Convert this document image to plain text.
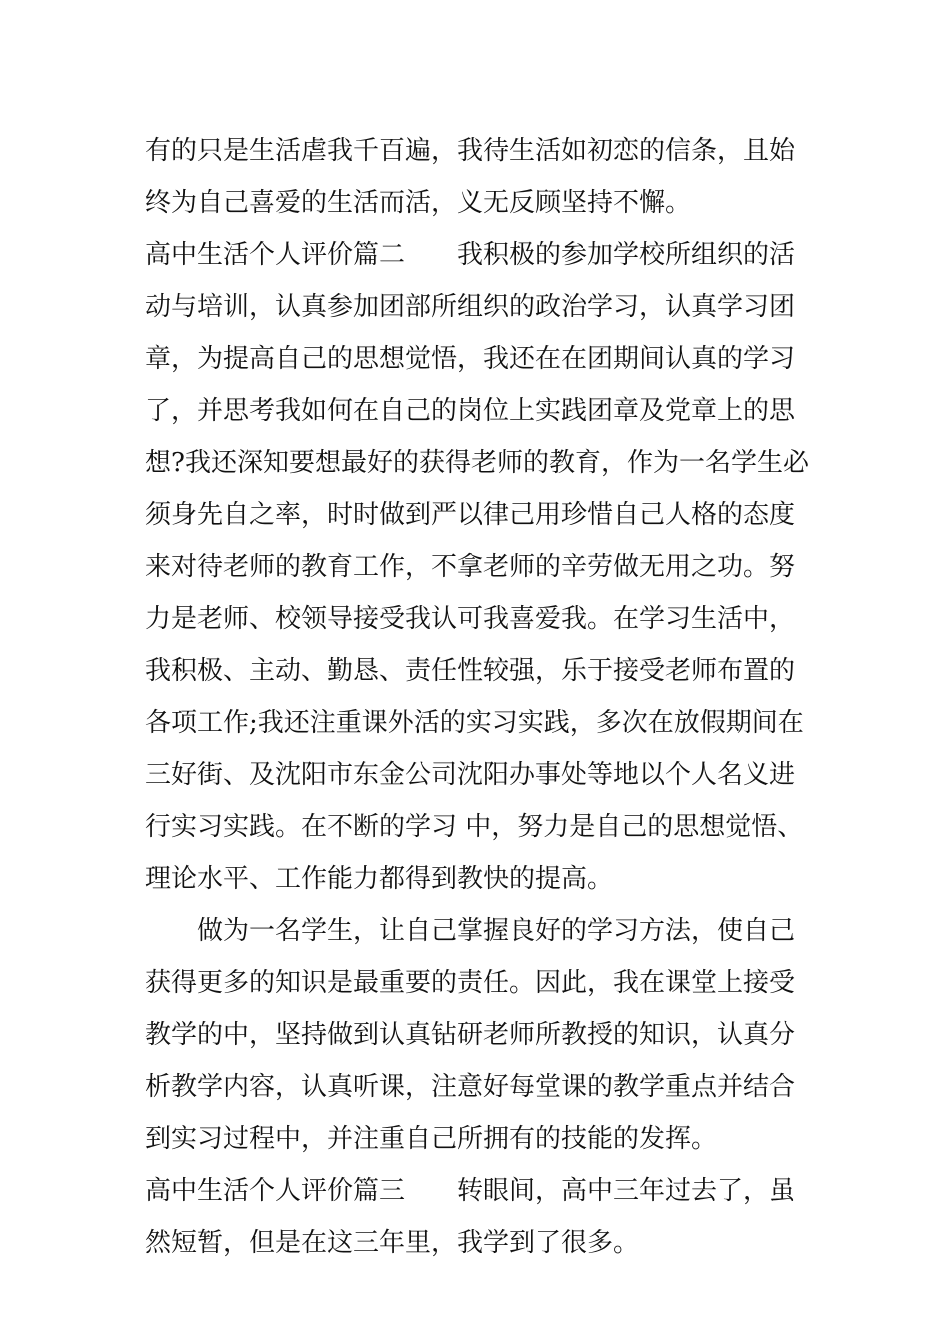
有的只是生活虐我千百遍，我待生活如初恋的信条，且始
终为自己喜爱的生活而活，义无反顾坚持不懈。
高中生活个人评价篇二　　我积极的参加学校所组织的活
动与培训，认真参加团部所组织的政治学习，认真学习团
章，为提高自己的思想觉悟，我还在在团期间认真的学习
了，并思考我如何在自己的岗位上实践团章及党章上的思
想?我还深知要想最好的获得老师的教育，作为一名学生必
须身先自之率，时时做到严以律己用珍惜自己人格的态度
来对待老师的教育工作，不拿老师的辛劳做无用之功。努
力是老师、校领导接受我认可我喜爱我。在学习生活中，
我积极、主动、勤恳、责任性较强，乐于接受老师布置的
各项工作;我还注重课外活的实习实践，多次在放假期间在
三好街、及沈阳市东金公司沈阳办事处等地以个人名义进
行实习实践。在不断的学习 中，努力是自己的思想觉悟、
理论水平、工作能力都得到教快的提高。
　　做为一名学生，让自己掌握良好的学习方法，使自己
获得更多的知识是最重要的责任。因此，我在课堂上接受
教学的中，坚持做到认真钻研老师所教授的知识，认真分
析教学内容，认真听课，注意好每堂课的教学重点并结合
到实习过程中，并注重自己所拥有的技能的发挥。
高中生活个人评价篇三　　转眼间，高中三年过去了，虽
然短暂，但是在这三年里，我学到了很多。
